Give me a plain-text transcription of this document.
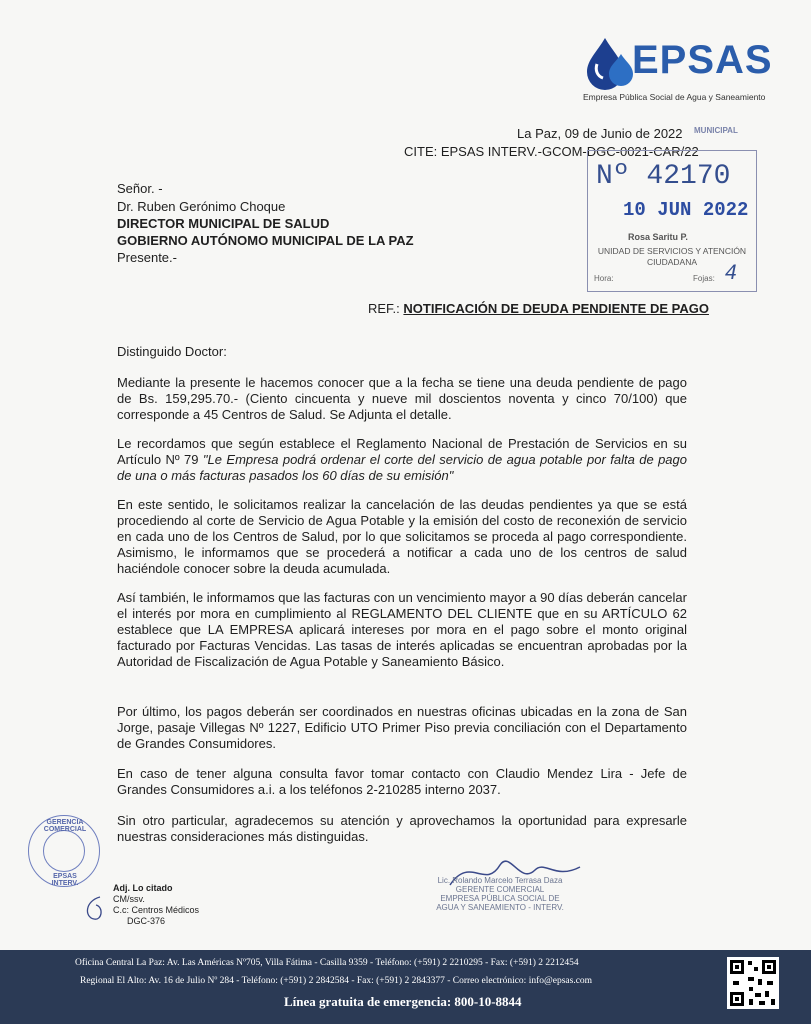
EPSAS
Empresa Pública Social de Agua y Saneamiento
La Paz, 09 de Junio de 2022
CITE: EPSAS INTERV.-GCOM-DGC-0021-CAR/22
MUNICIPAL
Nº 42170
10 JUN 2022
Rosa Saritu P.
UNIDAD DE SERVICIOS Y ATENCIÓN CIUDADANA
Hora:	Fojas: 4
Señor. -
Dr. Ruben Gerónimo Choque
DIRECTOR MUNICIPAL DE SALUD
GOBIERNO AUTÓNOMO MUNICIPAL DE LA PAZ
Presente.-
REF.: NOTIFICACIÓN DE DEUDA PENDIENTE DE PAGO
Distinguido Doctor:
Mediante la presente le hacemos conocer que a la fecha se tiene una deuda pendiente de pago de Bs. 159,295.70.- (Ciento cincuenta y nueve mil doscientos noventa y cinco 70/100) que corresponde a 45 Centros de Salud. Se Adjunta el detalle.
Le recordamos que según establece el Reglamento Nacional de Prestación de Servicios en su Artículo Nº 79 "Le Empresa podrá ordenar el corte del servicio de agua potable por falta de pago de una o más facturas pasados los 60 días de su emisión"
En este sentido, le solicitamos realizar la cancelación de las deudas pendientes ya que se está procediendo al corte de Servicio de Agua Potable y la emisión del costo de reconexión de servicio en cada uno de los Centros de Salud, por lo que solicitamos se proceda al pago correspondiente. Asimismo, le informamos que se procederá a notificar a cada uno de los centros de salud haciéndole conocer sobre la deuda acumulada.
Así también, le informamos que las facturas con un vencimiento mayor a 90 días deberán cancelar el interés por mora en cumplimiento al REGLAMENTO DEL CLIENTE que en su ARTÍCULO 62 establece que LA EMPRESA aplicará intereses por mora en el pago sobre el monto original facturado por Facturas Vencidas. Las tasas de interés aplicadas se encuentran aprobadas por la Autoridad de Fiscalización de Agua Potable y Saneamiento Básico.
Por último, los pagos deberán ser coordinados en nuestras oficinas ubicadas en la zona de San Jorge, pasaje Villegas Nº 1227, Edificio UTO Primer Piso previa conciliación con el Departamento de Grandes Consumidores.
En caso de tener alguna consulta favor tomar contacto con Claudio Mendez Lira - Jefe de Grandes Consumidores a.i. a los teléfonos 2-210285 interno 2037.
Sin otro particular, agradecemos su atención y aprovechamos la oportunidad para expresarle nuestras consideraciones más distinguidas.
GERENCIA COMERCIAL
EPSAS INTERV.	Lic. Rolando Marcelo Terrasa Daza
GERENTE COMERCIAL
EMPRESA PÚBLICA SOCIAL DE
AGUA Y SANEAMIENTO - INTERV.
Adj. Lo citado
CM/ssv.
C.c: Centros Médicos
DGC-376
Oficina Central La Paz: Av. Las Américas Nº705, Villa Fátima - Casilla 9359 - Teléfono: (+591) 2 2210295 - Fax: (+591) 2 2212454
Regional El Alto: Av. 16 de Julio Nº 284 - Teléfono: (+591) 2 2842584 - Fax: (+591) 2 2843377 - Correo electrónico: info@epsas.com
Línea gratuita de emergencia: 800-10-8844
